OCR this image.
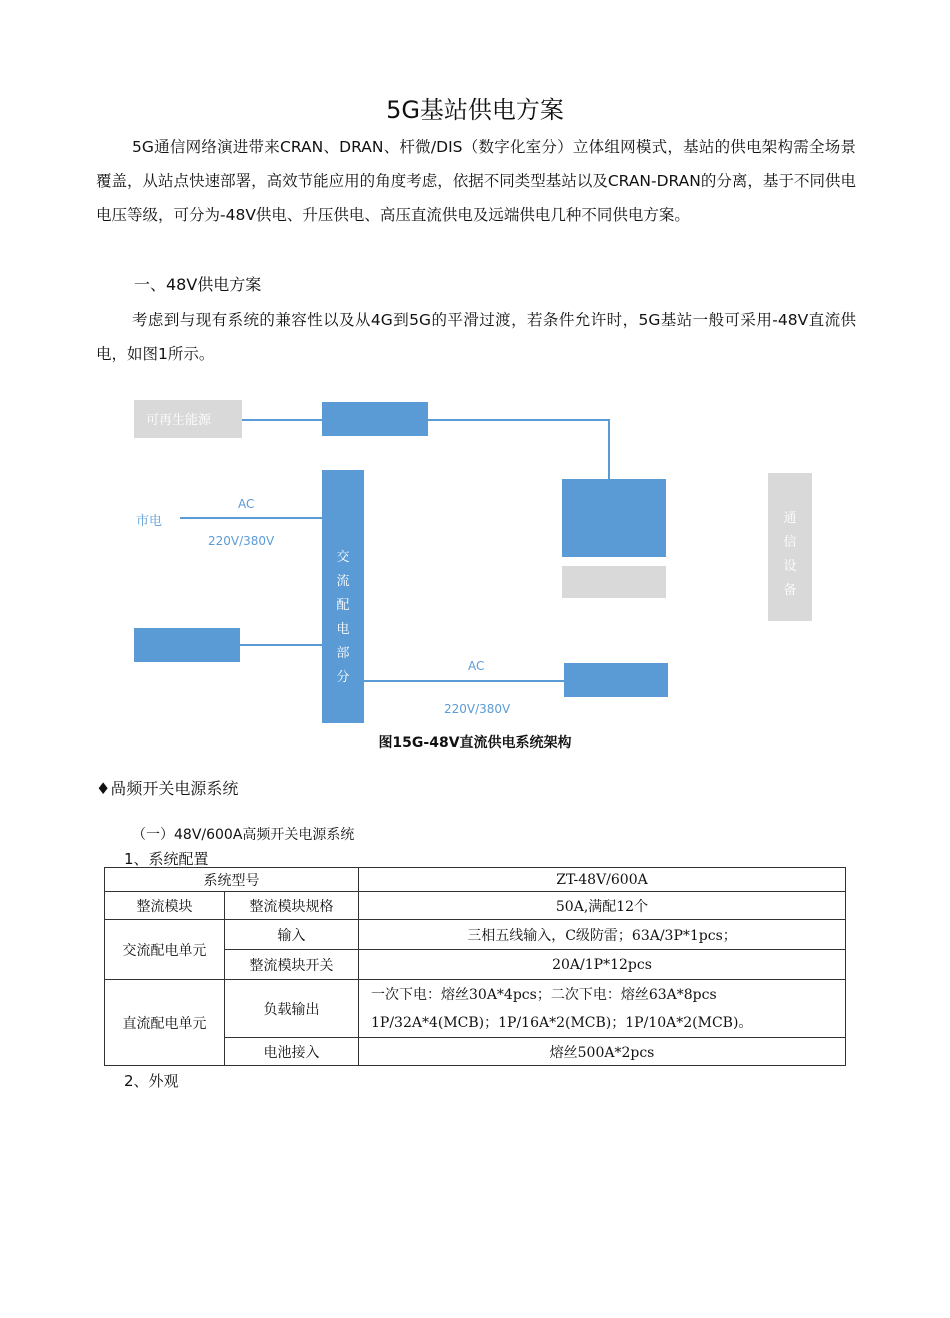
5G基站供电方案
5G通信网络演进带来CRAN、DRAN、杆微/DIS（数字化室分）立体组网模式，基站的供电架构需全场景覆盖，从站点快速部署，高效节能应用的角度考虑，依据不同类型基站以及CRAN-DRAN的分离，基于不同供电电压等级，可分为-48V供电、升压供电、高压直流供电及远端供电几种不同供电方案。
一、48V供电方案
考虑到与现有系统的兼容性以及从4G到5G的平滑过渡，若条件允许时，5G基站一般可采用-48V直流供电，如图1所示。
可再生能源
市电
AC
220V/380V
交
流
配
电
部
分
AC
220V/380V
通
信
设
备
图15G-48V直流供电系统架构
♦咼频开关电源系统
（一）48V/600A高频开关电源系统
1、系统配置
系统型号		ZT-48V/600A
整流模块	整流模块规格	50A,满配12个
交流配电单元	输入	三相五线输入，C级防雷；63A/3P*1pcs；
	整流模块开关	20A/1P*12pcs
直流配电单元	负载输出	一次下电：熔丝30A*4pcs；二次下电：熔丝63A*8pcs
1P/32A*4(MCB)；1P/16A*2(MCB)；1P/10A*2(MCB)。

	电池接入	熔丝500A*2pcs
2、外观
